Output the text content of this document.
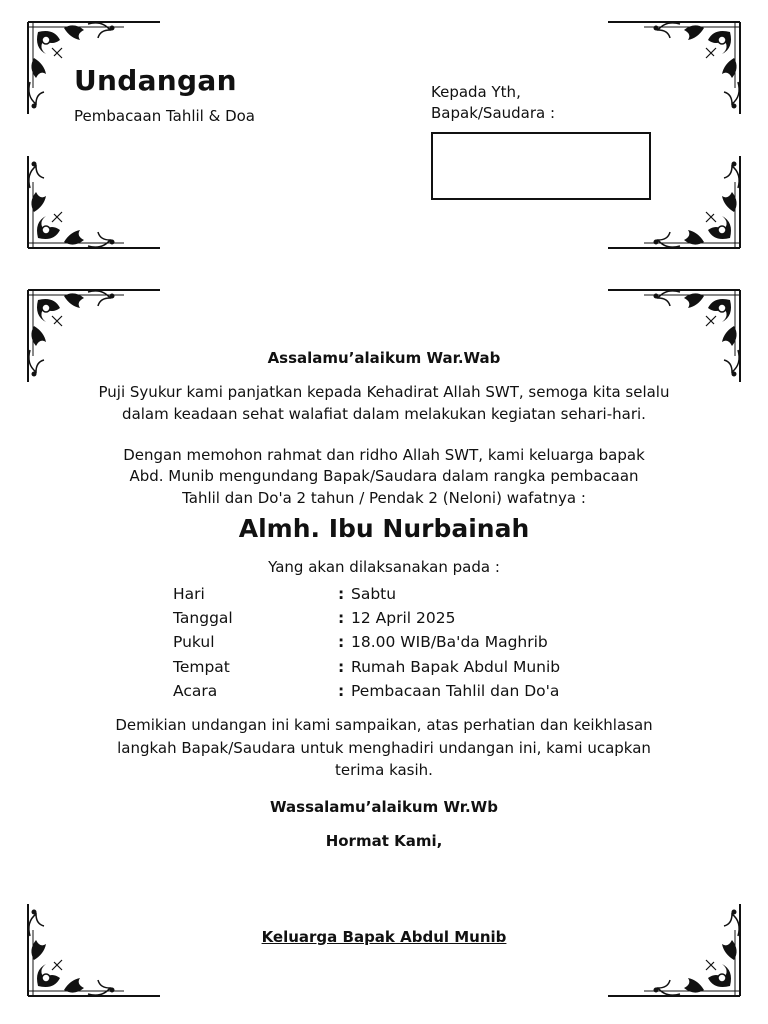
Undangan
Pembacaan Tahlil & Doa
Kepada Yth,
Bapak/Saudara :
Assalamu’alaikum War.Wab
Puji Syukur kami panjatkan kepada Kehadirat Allah SWT, semoga kita selalu
dalam keadaan sehat walafiat dalam melakukan kegiatan sehari-hari.
Dengan memohon rahmat dan ridho Allah SWT, kami keluarga bapak
Abd. Munib mengundang Bapak/Saudara dalam rangka pembacaan
Tahlil dan Do'a 2 tahun / Pendak 2 (Neloni) wafatnya :
Almh. Ibu Nurbainah
Yang akan dilaksanakan pada :
Hari	: Sabtu
Tanggal	: 12 April 2025
Pukul	: 18.00 WIB/Ba'da Maghrib
Tempat	: Rumah Bapak Abdul Munib
Acara	: Pembacaan Tahlil dan Do'a
Demikian undangan ini kami sampaikan, atas perhatian dan keikhlasan
langkah Bapak/Saudara untuk menghadiri undangan ini, kami ucapkan
terima kasih.
Wassalamu’alaikum Wr.Wb
Hormat Kami,
Keluarga Bapak Abdul Munib
